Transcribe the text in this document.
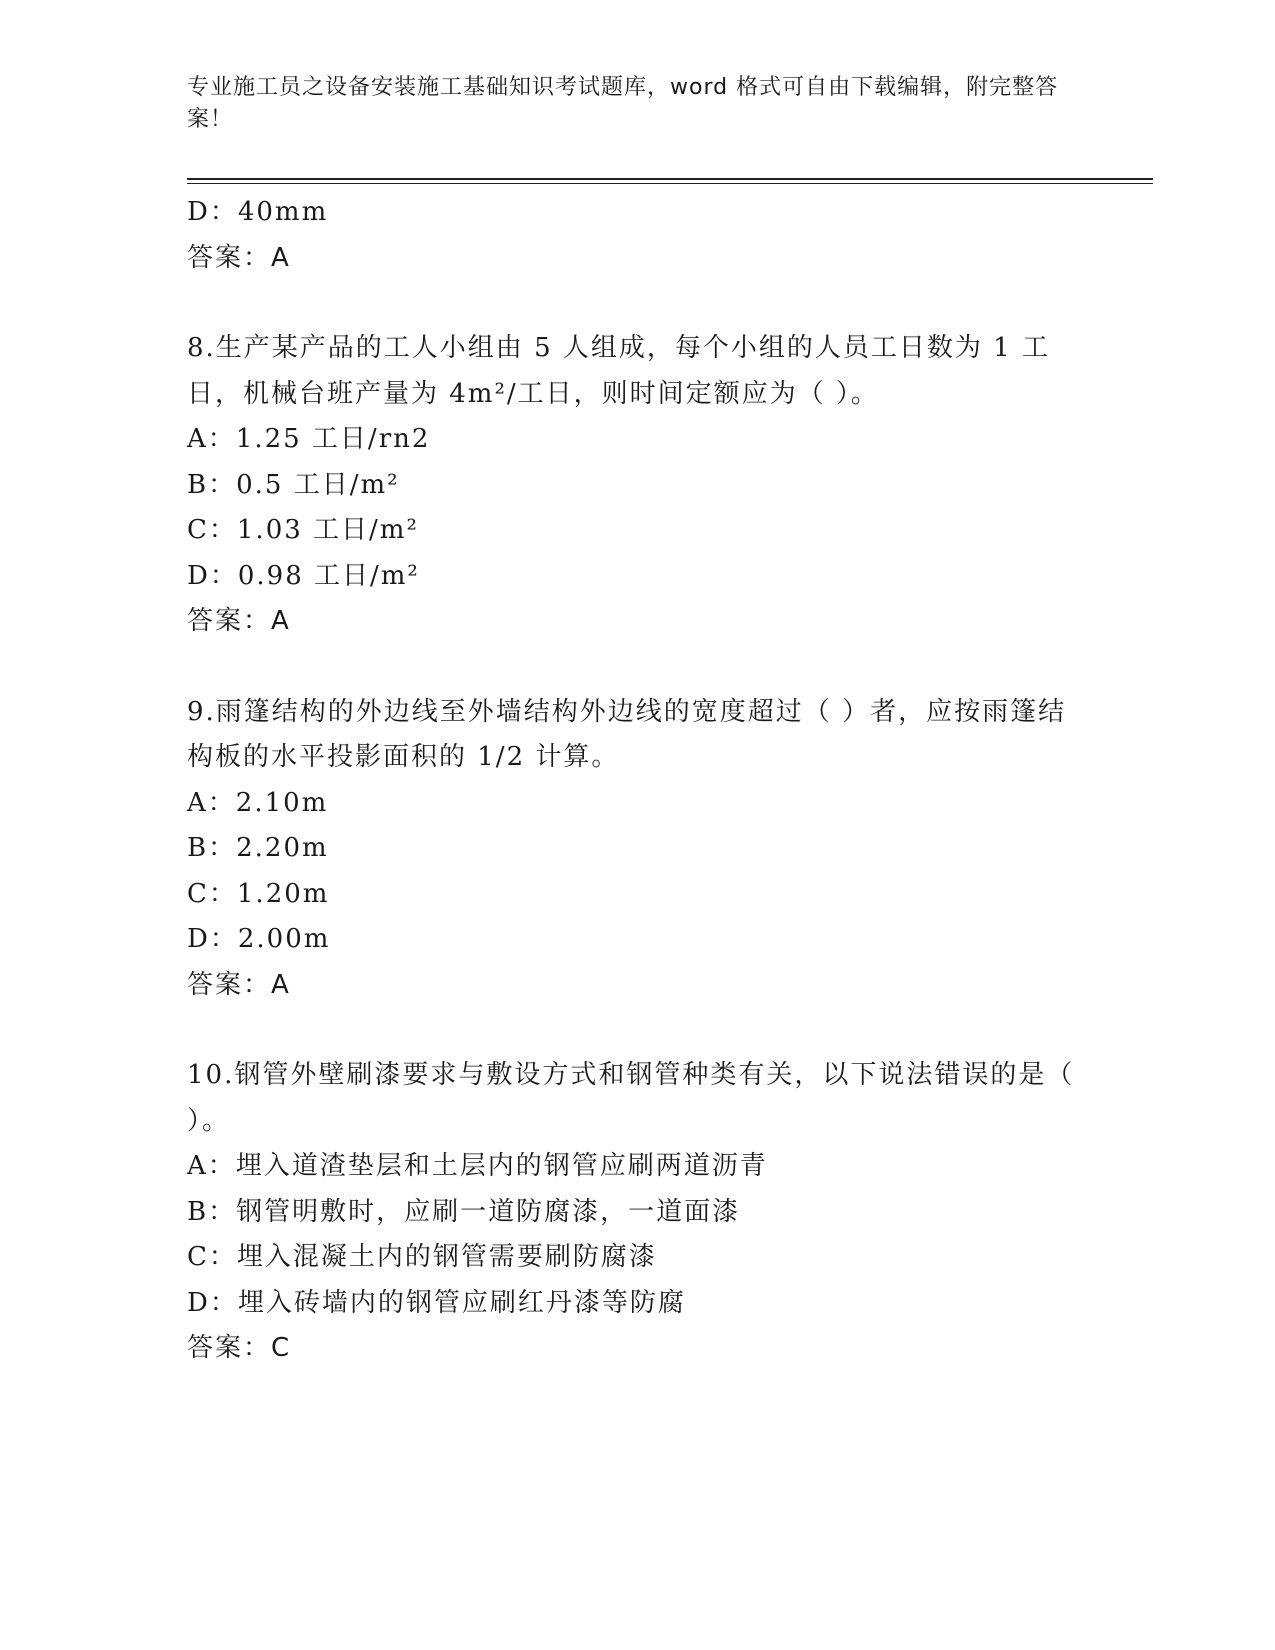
专业施工员之设备安装施工基础知识考试题库，word 格式可自由下载编辑，附完整答案！
D：40mm
答案：A
8.生产某产品的工人小组由 5 人组成，每个小组的人员工日数为 1 工日，机械台班产量为 4m²/工日，则时间定额应为（ ）。
A：1.25 工日/rn2
B：0.5 工日/m²
C：1.03 工日/m²
D：0.98 工日/m²
答案：A
9.雨篷结构的外边线至外墙结构外边线的宽度超过（ ）者，应按雨篷结构板的水平投影面积的 1/2 计算。
A：2.10m
B：2.20m
C：1.20m
D：2.00m
答案：A
10.钢管外壁刷漆要求与敷设方式和钢管种类有关，以下说法错误的是（ ）。
A：埋入道渣垫层和土层内的钢管应刷两道沥青
B：钢管明敷时，应刷一道防腐漆，一道面漆
C：埋入混凝土内的钢管需要刷防腐漆
D：埋入砖墙内的钢管应刷红丹漆等防腐
答案：C
